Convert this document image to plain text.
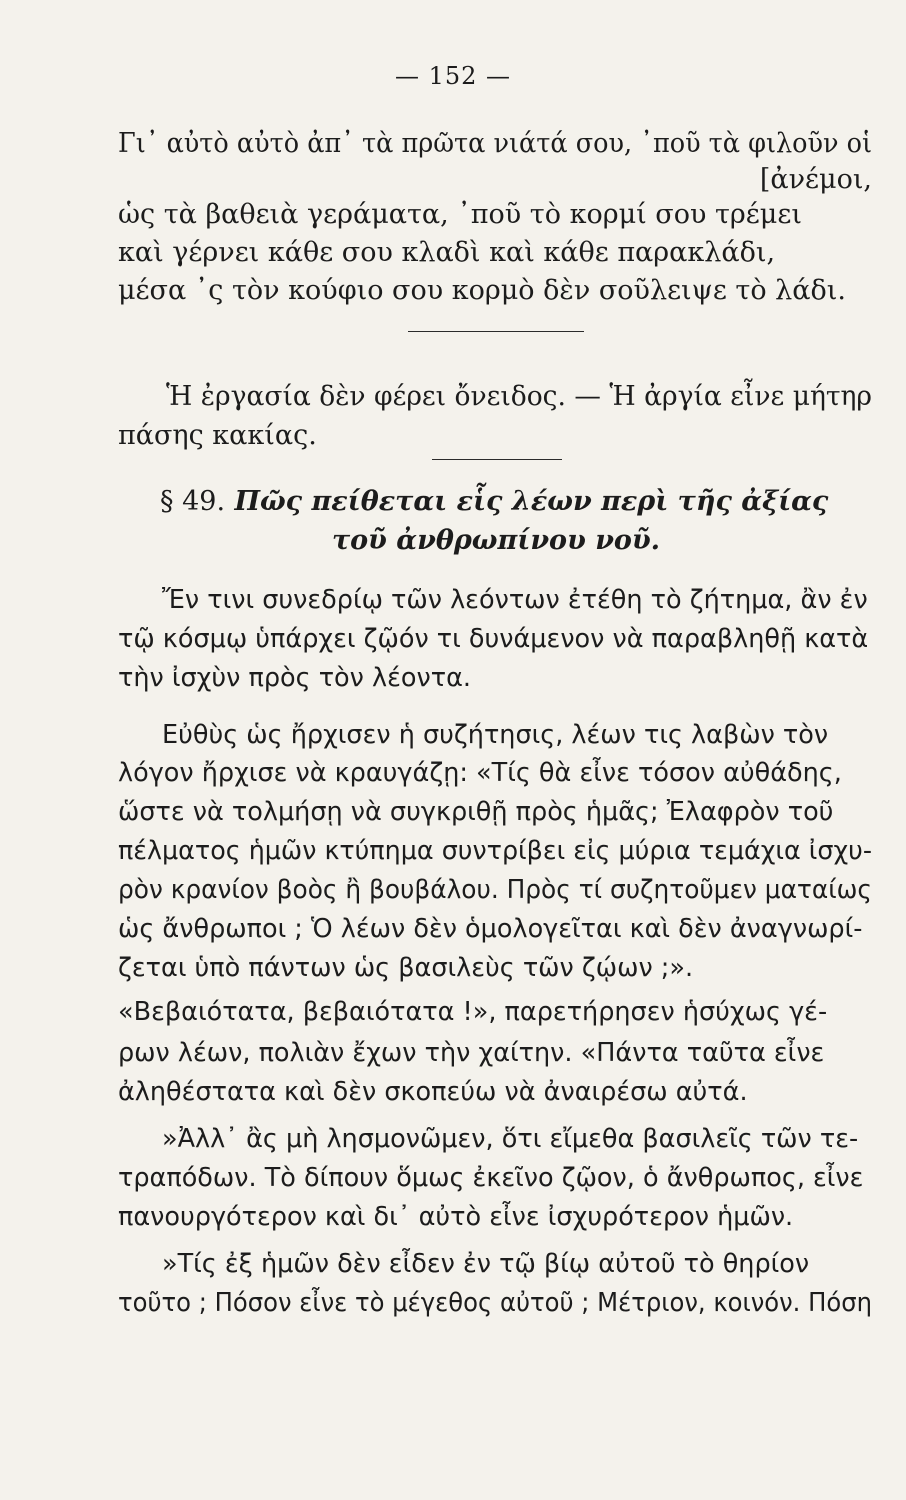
— 152 —
Γι᾽ αὐτὸ αὐτὸ ἀπ᾽ τὰ πρῶτα νιάτά σου, ᾽ποῦ τὰ φιλοῦν οἱ
[ἀνέμοι,
ὡς τὰ βαθειὰ γεράματα, ᾽ποῦ τὸ κορμί σου τρέμει
καὶ γέρνει κάθε σου κλαδὶ καὶ κάθε παρακλάδι,
μέσα ᾽ς τὸν κούφιο σου κορμὸ δὲν σοῦλειψε τὸ λάδι.
Ἡ ἐργασία δὲν φέρει ὄνειδος. — Ἡ ἀργία εἶνε μήτηρ
πάσης κακίας.
§ 49. Πῶς πείθεται εἷς λέων περὶ τῆς ἀξίας
τοῦ ἀνθρωπίνου νοῦ.
Ἔν τινι συνεδρίῳ τῶν λεόντων ἐτέθη τὸ ζήτημα, ἂν ἐν
τῷ κόσμῳ ὑπάρχει ζῷόν τι δυνάμενον νὰ παραβληθῇ κατὰ
τὴν ἰσχὺν πρὸς τὸν λέοντα.
Εὐθὺς ὡς ἤρχισεν ἡ συζήτησις, λέων τις λαβὼν τὸν
λόγον ἤρχισε νὰ κραυγάζῃ: «Τίς θὰ εἶνε τόσον αὐθάδης,
ὥστε νὰ τολμήσῃ νὰ συγκριθῇ πρὸς ἡμᾶς; Ἐλαφρὸν τοῦ
πέλματος ἡμῶν κτύπημα συντρίβει εἰς μύρια τεμάχια ἰσχυ-
ρὸν κρανίον βοὸς ἢ βουβάλου. Πρὸς τί συζητοῦμεν ματαίως
ὡς ἄνθρωποι ; Ὁ λέων δὲν ὁμολογεῖται καὶ δὲν ἀναγνωρί-
ζεται ὑπὸ πάντων ὡς βασιλεὺς τῶν ζῴων ;».
«Βεβαιότατα, βεβαιότατα !», παρετήρησεν ἡσύχως γέ-
ρων λέων, πολιὰν ἔχων τὴν χαίτην. «Πάντα ταῦτα εἶνε
ἀληθέστατα καὶ δὲν σκοπεύω νὰ ἀναιρέσω αὐτά.
»Ἀλλ᾽ ἂς μὴ λησμονῶμεν, ὅτι εἴμεθα βασιλεῖς τῶν τε-
τραπόδων. Τὸ δίπουν ὅμως ἐκεῖνο ζῷον, ὁ ἄνθρωπος, εἶνε
πανουργότερον καὶ δι᾽ αὐτὸ εἶνε ἰσχυρότερον ἡμῶν.
»Τίς ἐξ ἡμῶν δὲν εἶδεν ἐν τῷ βίῳ αὐτοῦ τὸ θηρίον
τοῦτο ; Πόσον εἶνε τὸ μέγεθος αὐτοῦ ; Μέτριον, κοινόν. Πόση
